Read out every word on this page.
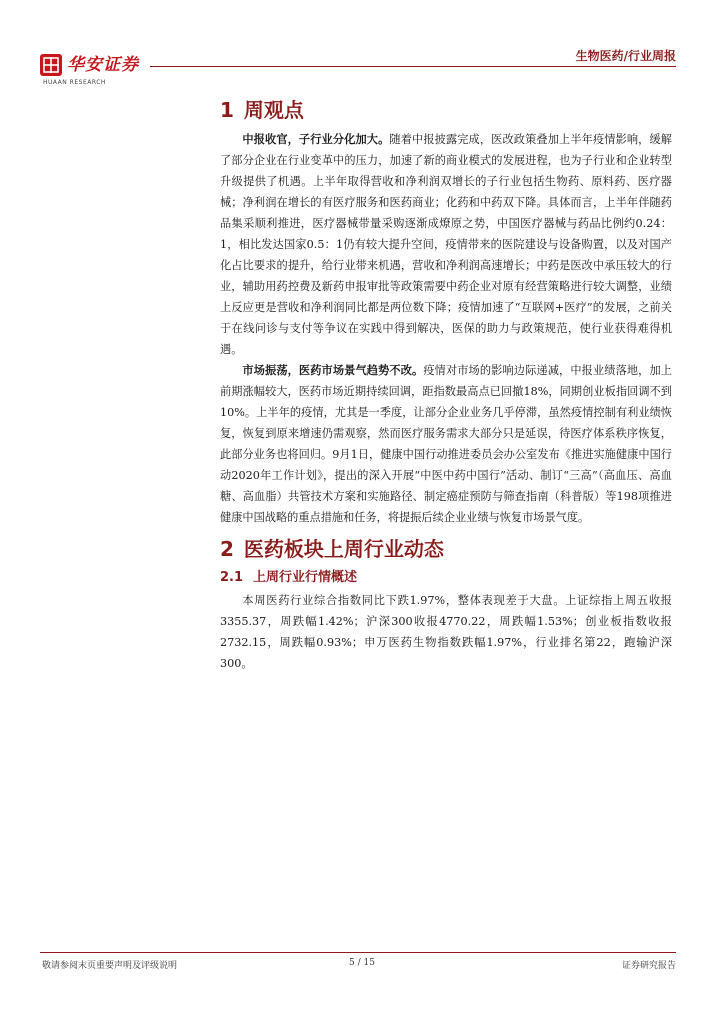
华安证券
HUAAN RESEARCH
生物医药/行业周报
1 周观点

中报收官，子行业分化加大。随着中报披露完成，医改政策叠加上半年疫情影响，缓解了部分企业在行业变革中的压力，加速了新的商业模式的发展进程，也为子行业和企业转型升级提供了机遇。上半年取得营收和净利润双增长的子行业包括生物药、原料药、医疗器械；净利润在增长的有医疗服务和医药商业；化药和中药双下降。具体而言，上半年伴随药品集采顺利推进，医疗器械带量采购逐渐成燎原之势，中国医疗器械与药品比例约0.24：1，相比发达国家0.5：1仍有较大提升空间，疫情带来的医院建设与设备购置，以及对国产化占比要求的提升，给行业带来机遇，营收和净利润高速增长；中药是医改中承压较大的行业，辅助用药控费及新药申报审批等政策需要中药企业对原有经营策略进行较大调整，业绩上反应更是营收和净利润同比都是两位数下降；疫情加速了“互联网+医疗”的发展，之前关于在线问诊与支付等争议在实践中得到解决，医保的助力与政策规范，使行业获得难得机遇。

市场振荡，医药市场景气趋势不改。疫情对市场的影响边际递减，中报业绩落地，加上前期涨幅较大，医药市场近期持续回调，距指数最高点已回撤18%，同期创业板指回调不到10%。上半年的疫情，尤其是一季度，让部分企业业务几乎停滞，虽然疫情控制有利业绩恢复，恢复到原来增速仍需观察，然而医疗服务需求大部分只是延误，待医疗体系秩序恢复，此部分业务也将回归。9月1日，健康中国行动推进委员会办公室发布《推进实施健康中国行动2020年工作计划》，提出的深入开展“中医中药中国行”活动、制订“三高”（高血压、高血糖、高血脂）共管技术方案和实施路径、制定癌症预防与筛查指南（科普版）等198项推进健康中国战略的重点措施和任务，将提振后续企业业绩与恢复市场景气度。

2 医药板块上周行业动态
2.1 上周行业行情概述

本周医药行业综合指数同比下跌1.97%，整体表现差于大盘。上证综指上周五收报3355.37，周跌幅1.42%；沪深300收报4770.22，周跌幅1.53%；创业板指数收报2732.15，周跌幅0.93%；申万医药生物指数跌幅1.97%，行业排名第22，跑输沪深300。

敬请参阅末页重要声明及评级说明	5 / 15	证券研究报告
